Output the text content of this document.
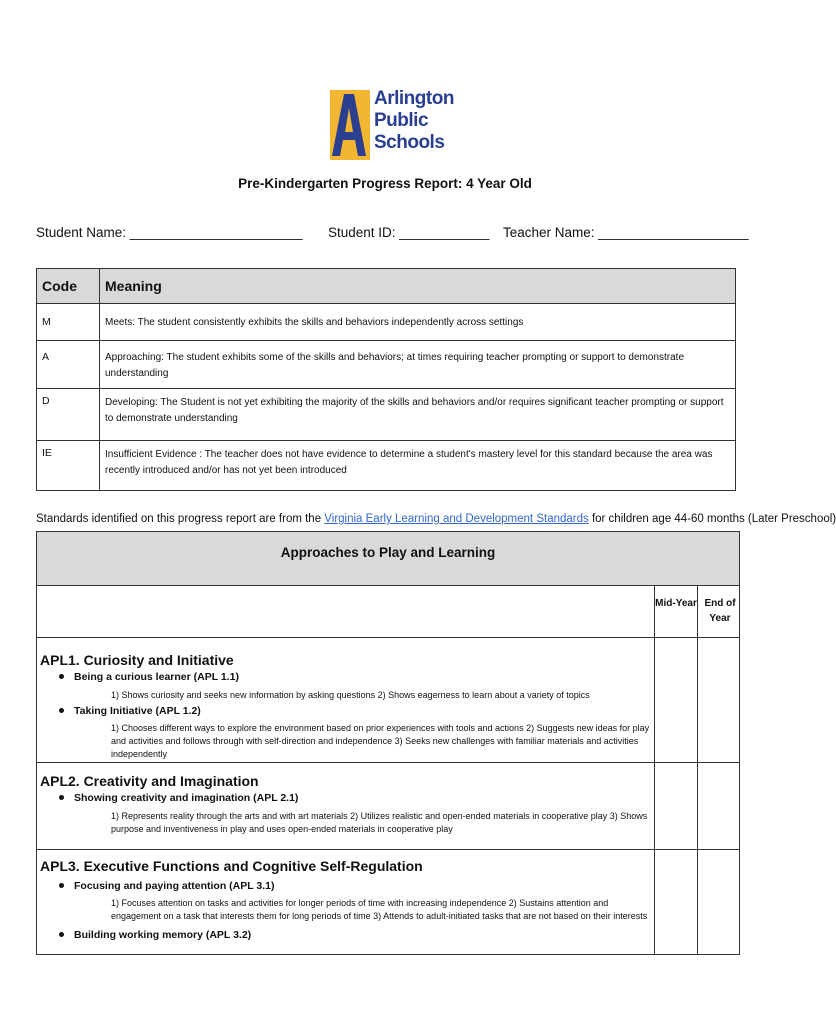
Arlington
Public
Schools
Pre-Kindergarten Progress Report: 4 Year Old
Student Name: _______________________ Student ID: ____________ Teacher Name: ____________________
Code	Meaning
M	Meets: The student consistently exhibits the skills and behaviors independently across settings
A	Approaching: The student exhibits some of the skills and behaviors; at times requiring teacher prompting or support to demonstrate understanding
D	Developing: The Student is not yet exhibiting the majority of the skills and behaviors and/or requires significant teacher prompting or support to demonstrate understanding
IE	Insufficient Evidence : The teacher does not have evidence to determine a student's mastery level for this standard because the area was recently introduced and/or has not yet been introduced
Standards identified on this progress report are from the Virginia Early Learning and Development Standards for children age 44-60 months (Later Preschool)
Approaches to Play and Learning
Mid-Year End of Year
APL1. Curiosity and Initiative
Being a curious learner (APL 1.1)
1) Shows curiosity and seeks new information by asking questions 2) Shows eagerness to learn about a variety of topics
Taking Initiative (APL 1.2)
1) Chooses different ways to explore the environment based on prior experiences with tools and actions 2) Suggests new ideas for play and activities and follows through with self-direction and independence 3) Seeks new challenges with familiar materials and activities independently
APL2. Creativity and Imagination
Showing creativity and imagination (APL 2.1)
1) Represents reality through the arts and with art materials 2) Utilizes realistic and open-ended materials in cooperative play 3) Shows purpose and inventiveness in play and uses open-ended materials in cooperative play
APL3. Executive Functions and Cognitive Self-Regulation
Focusing and paying attention (APL 3.1)
1) Focuses attention on tasks and activities for longer periods of time with increasing independence 2) Sustains attention and engagement on a task that interests them for long periods of time 3) Attends to adult-initiated tasks that are not based on their interests
Building working memory (APL 3.2)
